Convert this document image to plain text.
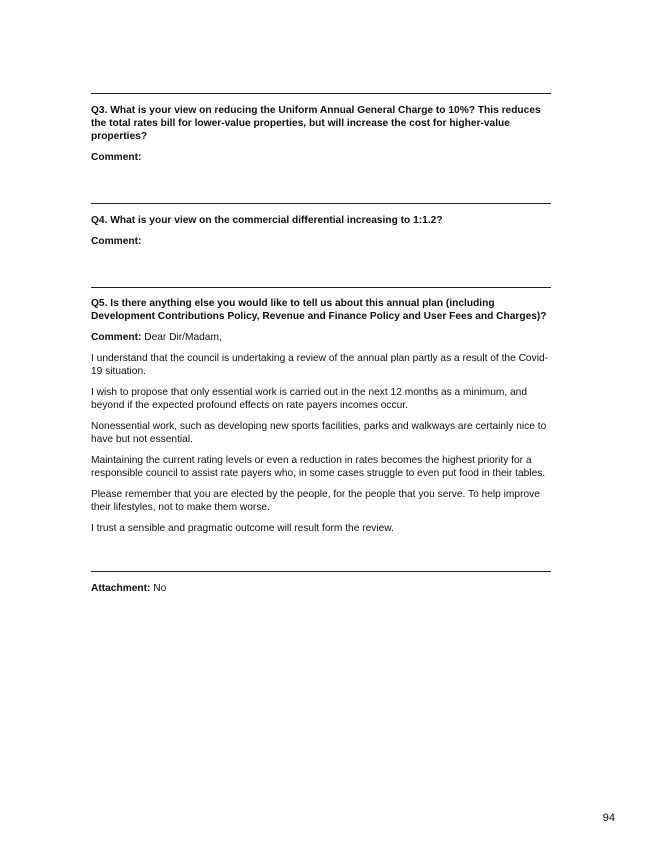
Q3. What is your view on reducing the Uniform Annual General Charge to 10%? This reduces the total rates bill for lower-value properties, but will increase the cost for higher-value properties?

Comment:

Q4. What is your view on the commercial differential increasing to 1:1.2?

Comment:

Q5. Is there anything else you would like to tell us about this annual plan (including Development Contributions Policy, Revenue and Finance Policy and User Fees and Charges)?

Comment: Dear Dir/Madam,

I understand that the council is undertaking a review of the annual plan partly as a result of the Covid-19 situation.

I wish to propose that only essential work is carried out in the next 12 months as a minimum, and beyond if the expected profound effects on rate payers incomes occur.

Nonessential work, such as developing new sports facilities, parks and walkways are certainly nice to have but not essential.

Maintaining the current rating levels or even a reduction in rates becomes the highest priority for a responsible council to assist rate payers who, in some cases struggle to even put food in their tables.

Please remember that you are elected by the people, for the people that you serve. To help improve their lifestyles, not to make them worse.

I trust a sensible and pragmatic outcome will result form the review.

Attachment: No
94
